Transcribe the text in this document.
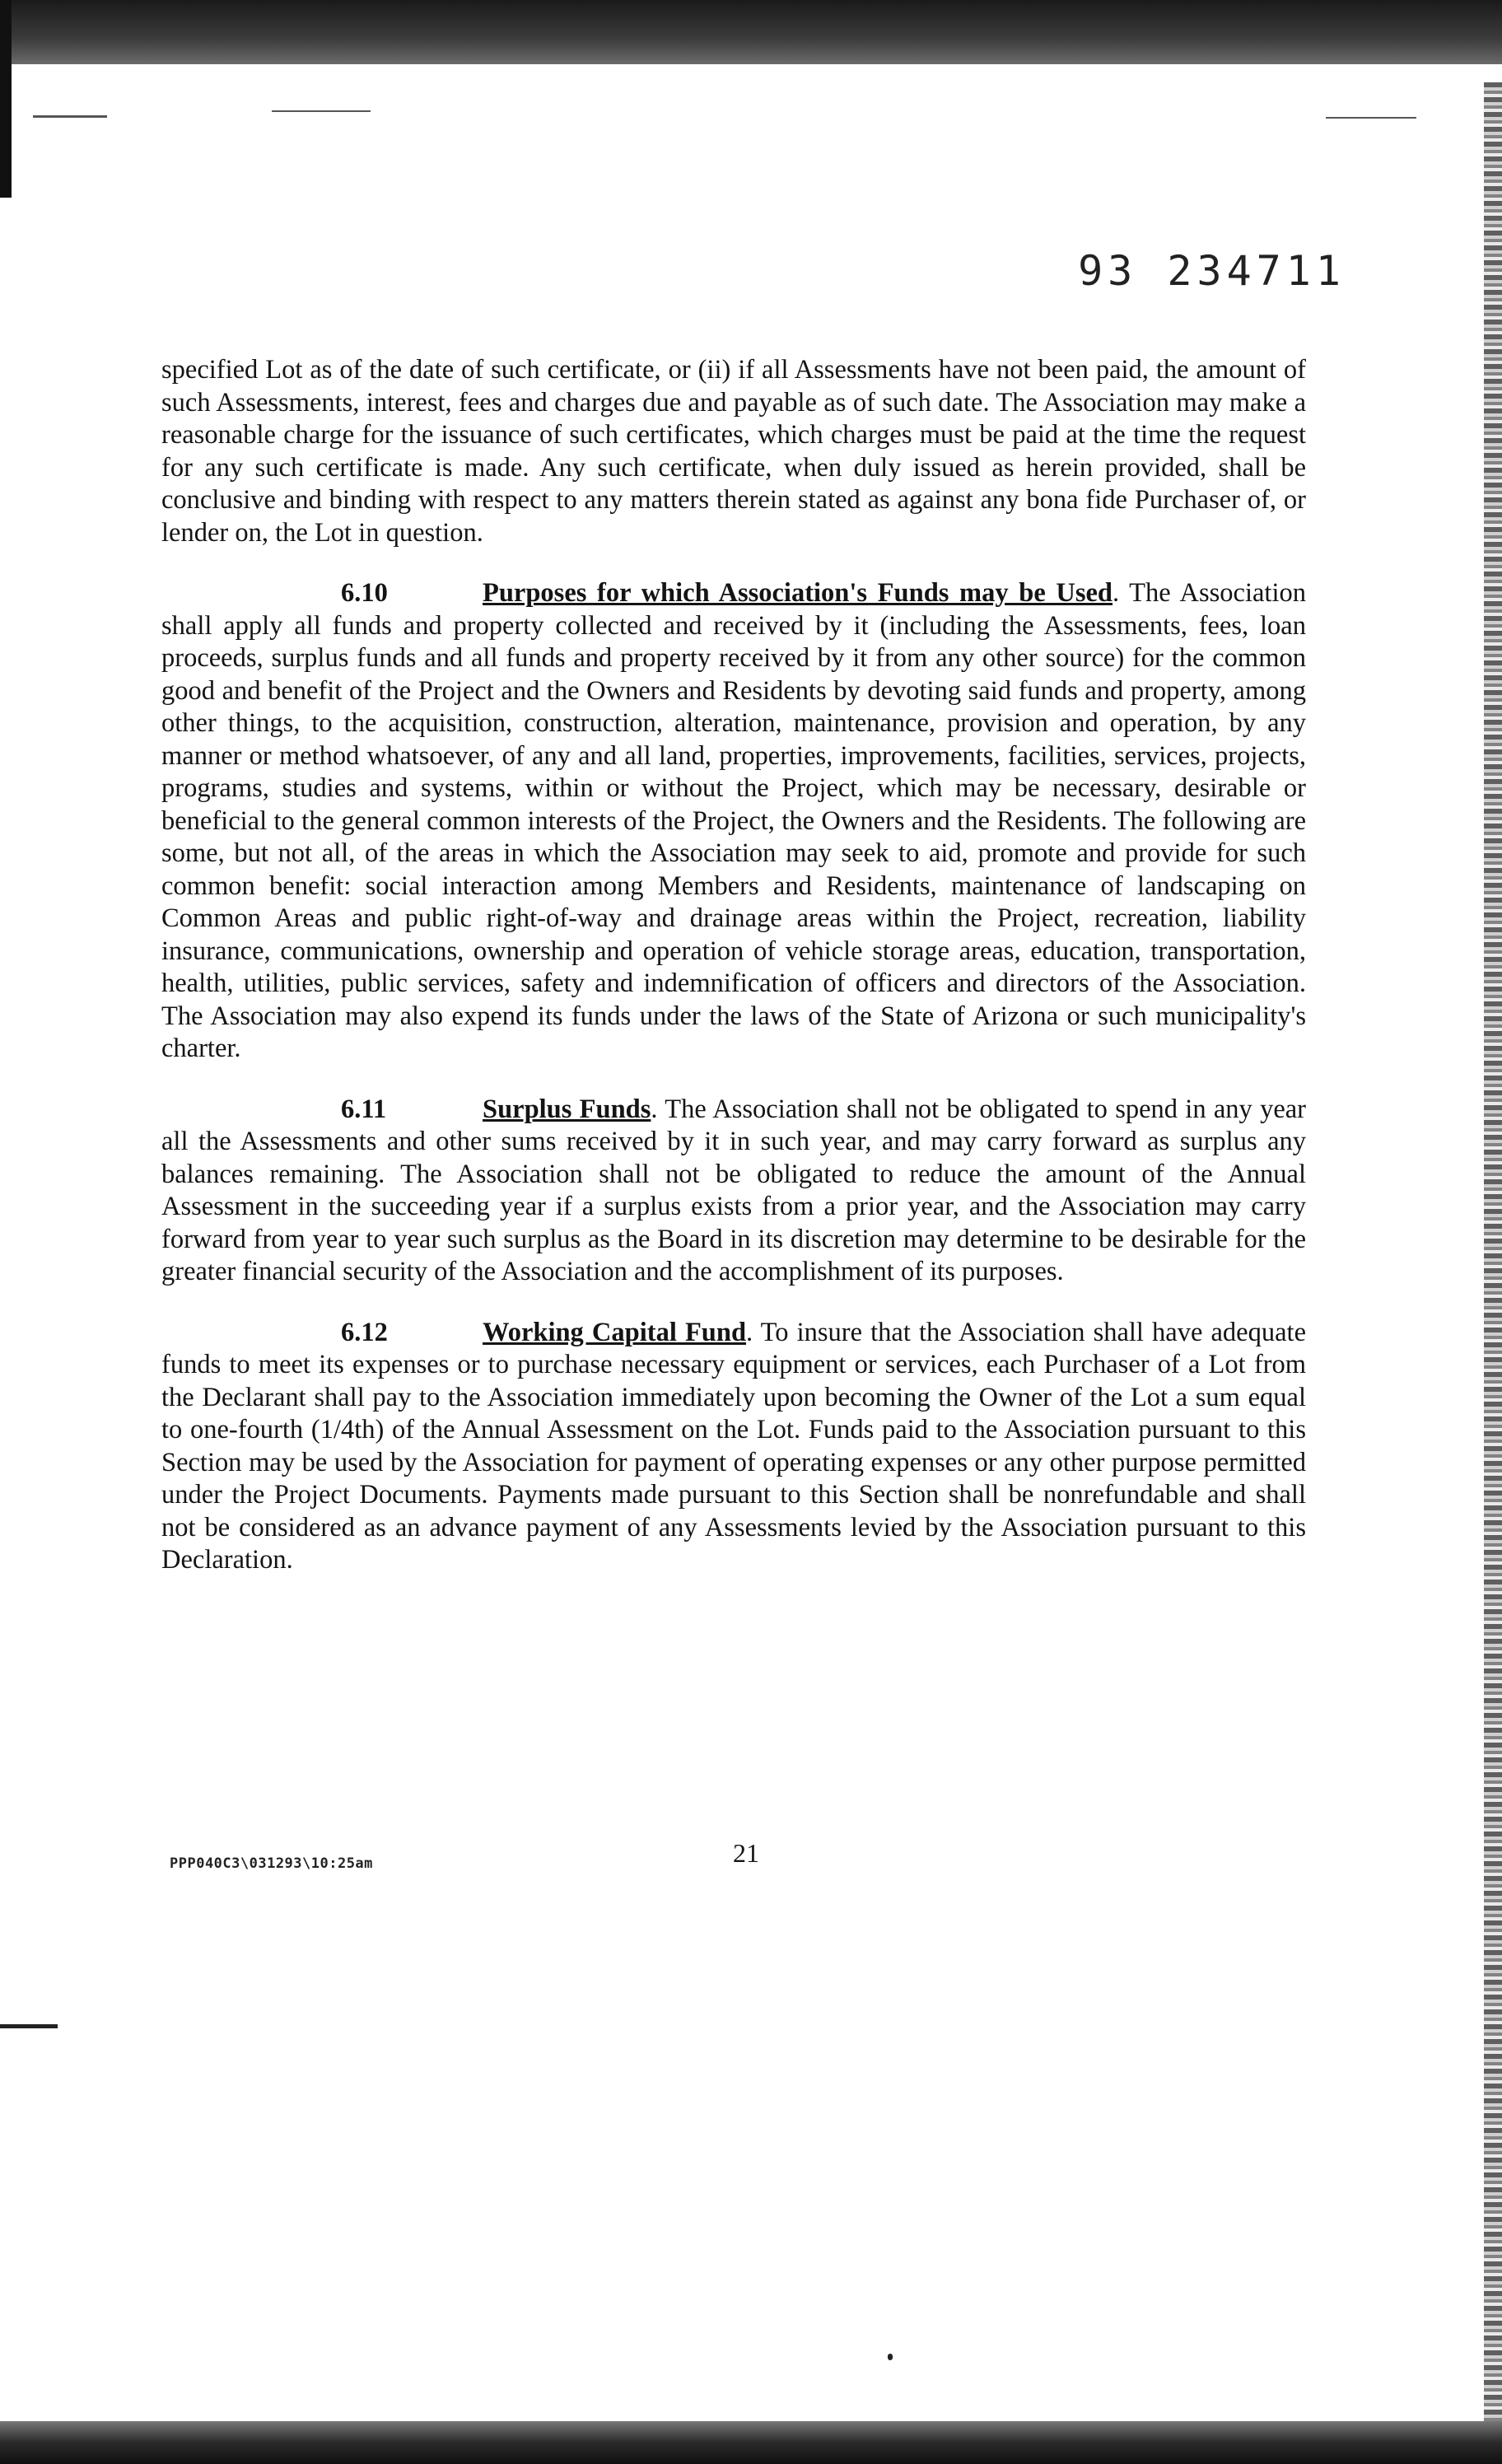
93 234711

specified Lot as of the date of such certificate, or (ii) if all Assessments have not been paid, the amount of such Assessments, interest, fees and charges due and payable as of such date. The Association may make a reasonable charge for the issuance of such certificates, which charges must be paid at the time the request for any such certificate is made. Any such certificate, when duly issued as herein provided, shall be conclusive and binding with respect to any matters therein stated as against any bona fide Purchaser of, or lender on, the Lot in question.

6.10	Purposes for which Association's Funds may be Used. The Association shall apply all funds and property collected and received by it (including the Assessments, fees, loan proceeds, surplus funds and all funds and property received by it from any other source) for the common good and benefit of the Project and the Owners and Residents by devoting said funds and property, among other things, to the acquisition, construction, alteration, maintenance, provision and operation, by any manner or method whatsoever, of any and all land, properties, improvements, facilities, services, projects, programs, studies and systems, within or without the Project, which may be necessary, desirable or beneficial to the general common interests of the Project, the Owners and the Residents. The following are some, but not all, of the areas in which the Association may seek to aid, promote and provide for such common benefit: social interaction among Members and Residents, maintenance of landscaping on Common Areas and public right-of-way and drainage areas within the Project, recreation, liability insurance, communications, ownership and operation of vehicle storage areas, education, transportation, health, utilities, public services, safety and indemnification of officers and directors of the Association. The Association may also expend its funds under the laws of the State of Arizona or such municipality's charter.

6.11	Surplus Funds. The Association shall not be obligated to spend in any year all the Assessments and other sums received by it in such year, and may carry forward as surplus any balances remaining. The Association shall not be obligated to reduce the amount of the Annual Assessment in the succeeding year if a surplus exists from a prior year, and the Association may carry forward from year to year such surplus as the Board in its discretion may determine to be desirable for the greater financial security of the Association and the accomplishment of its purposes.

6.12	Working Capital Fund. To insure that the Association shall have adequate funds to meet its expenses or to purchase necessary equipment or services, each Purchaser of a Lot from the Declarant shall pay to the Association immediately upon becoming the Owner of the Lot a sum equal to one-fourth (1/4th) of the Annual Assessment on the Lot. Funds paid to the Association pursuant to this Section may be used by the Association for payment of operating expenses or any other purpose permitted under the Project Documents. Payments made pursuant to this Section shall be nonrefundable and shall not be considered as an advance payment of any Assessments levied by the Association pursuant to this Declaration.

PPP040C3\031293\10:25am	21
